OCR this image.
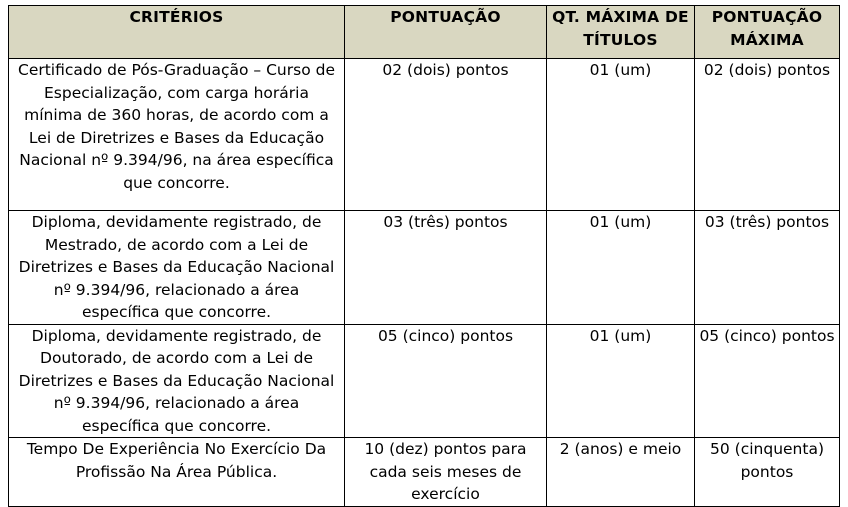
CRITÉRIOS	PONTUAÇÃO	QT. MÁXIMA DE TÍTULOS	PONTUAÇÃO MÁXIMA
Certificado de Pós-Graduação – Curso de Especialização, com carga horária mínima de 360 horas, de acordo com a Lei de Diretrizes e Bases da Educação Nacional nº 9.394/96, na área específica que concorre.	02 (dois) pontos	01 (um)	02 (dois) pontos
Diploma, devidamente registrado, de Mestrado, de acordo com a Lei de Diretrizes e Bases da Educação Nacional nº 9.394/96, relacionado a área específica que concorre.	03 (três) pontos	01 (um)	03 (três) pontos
Diploma, devidamente registrado, de Doutorado, de acordo com a Lei de Diretrizes e Bases da Educação Nacional nº 9.394/96, relacionado a área específica que concorre.	05 (cinco) pontos	01 (um)	05 (cinco) pontos
Tempo De Experiência No Exercício Da Profissão Na Área Pública.	10 (dez) pontos para cada seis meses de exercício	2 (anos) e meio	50 (cinquenta) pontos
